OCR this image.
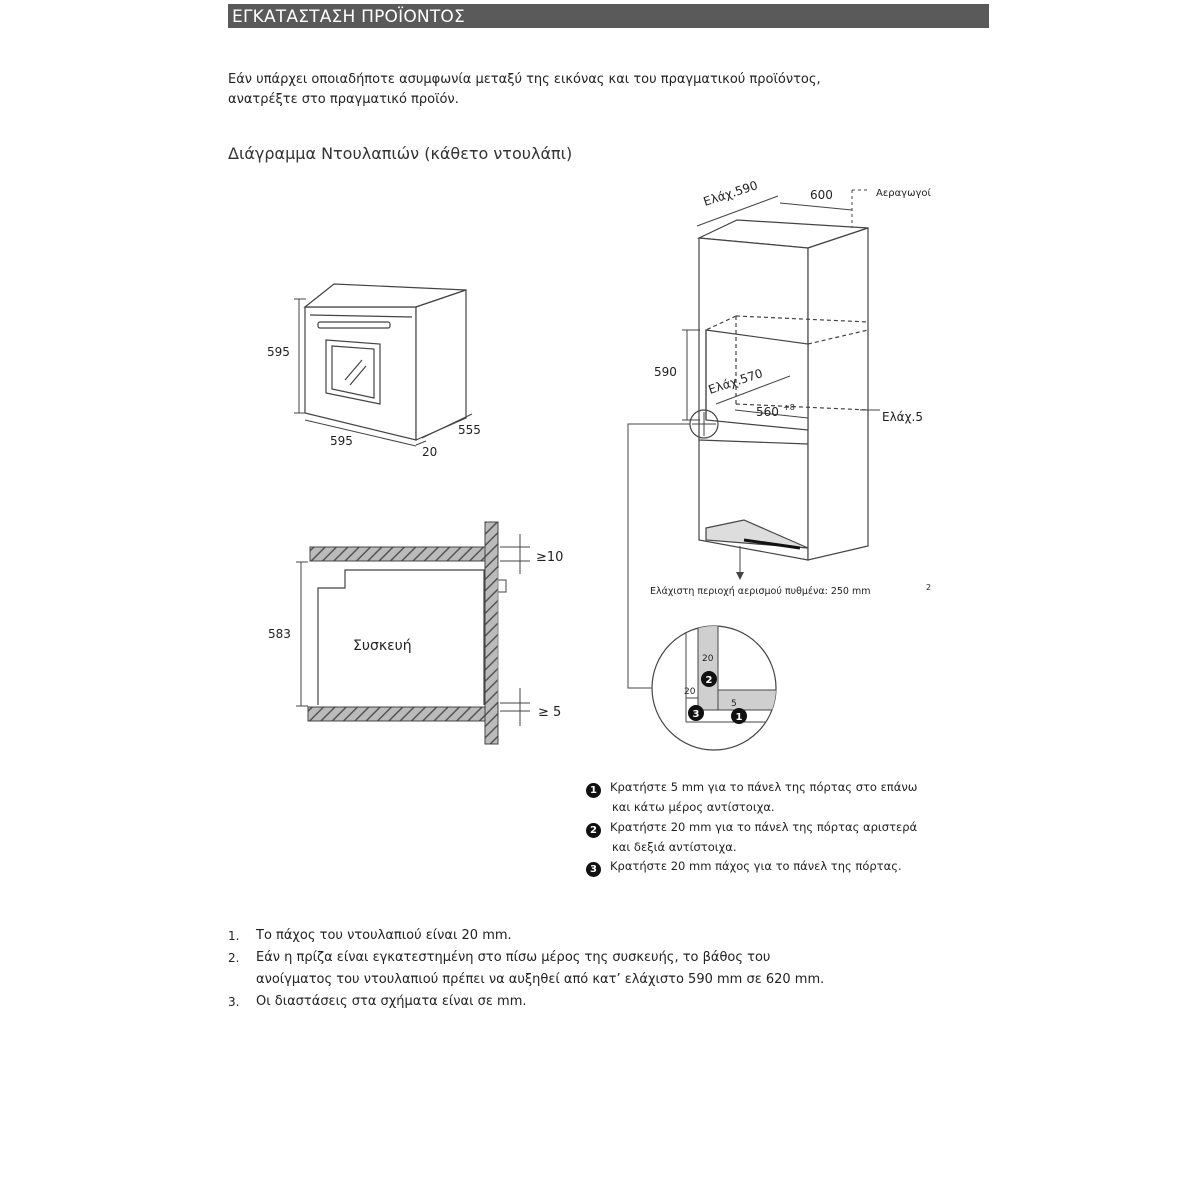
ΕΓΚΑΤΑΣΤΑΣΗ ΠΡΟΪΟΝΤΟΣ
Εάν υπάρχει οποιαδήποτε ασυμφωνία μεταξύ της εικόνας και του πραγματικού προϊόντος,
ανατρέξτε στο πραγματικό προϊόν.
Διάγραμμα Ντουλαπιών (κάθετο ντουλάπι)
595
595
555
20
Ελάχ.590	600	Αεραγωγοί
590 Ελάχ.570
560 +8
Ελάχ.5
Ελάχιστη περιοχή αερισμού πυθμένα: 250 mm	2
583
≥10
≥ 5
Συσκευή
20
20
5
2
1
3
1 Κρατήστε 5 mm για το πάνελ της πόρτας στο επάνω
και κάτω μέρος αντίστοιχα.
2 Κρατήστε 20 mm για το πάνελ της πόρτας αριστερά
και δεξιά αντίστοιχα.
3 Κρατήστε 20 mm πάχος για το πάνελ της πόρτας.
1. Το πάχος του ντουλαπιού είναι 20 mm.
2. Εάν η πρίζα είναι εγκατεστημένη στο πίσω μέρος της συσκευής, το βάθος του
ανοίγματος του ντουλαπιού πρέπει να αυξηθεί από κατ’ ελάχιστο 590 mm σε 620 mm.
3. Οι διαστάσεις στα σχήματα είναι σε mm.
